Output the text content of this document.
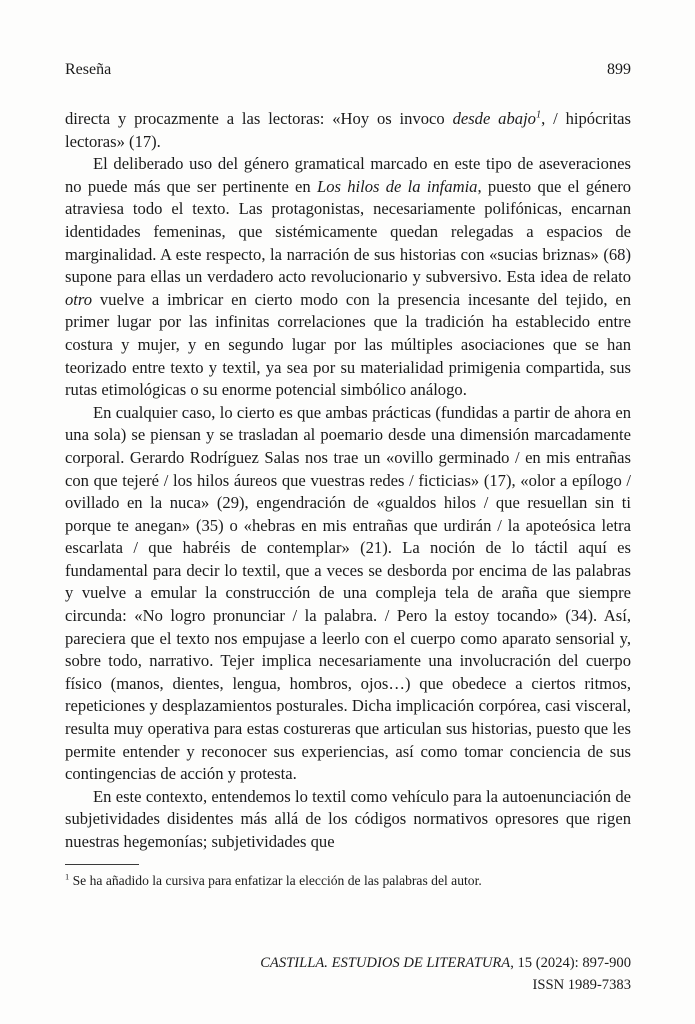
Reseña	899

directa y procazmente a las lectoras: «Hoy os invoco desde abajo$^1$, / hipócritas lectoras» (17).

El deliberado uso del género gramatical marcado en este tipo de aseveraciones no puede más que ser pertinente en Los hilos de la infamia, puesto que el género atraviesa todo el texto. Las protagonistas, necesariamente polifónicas, encarnan identidades femeninas, que sistémicamente quedan relegadas a espacios de marginalidad. A este respecto, la narración de sus historias con «sucias briznas» (68) supone para ellas un verdadero acto revolucionario y subversivo. Esta idea de relato otro vuelve a imbricar en cierto modo con la presencia incesante del tejido, en primer lugar por las infinitas correlaciones que la tradición ha establecido entre costura y mujer, y en segundo lugar por las múltiples asociaciones que se han teorizado entre texto y textil, ya sea por su materialidad primigenia compartida, sus rutas etimológicas o su enorme potencial simbólico análogo.

En cualquier caso, lo cierto es que ambas prácticas (fundidas a partir de ahora en una sola) se piensan y se trasladan al poemario desde una dimensión marcadamente corporal. Gerardo Rodríguez Salas nos trae un «ovillo germinado / en mis entrañas con que tejeré / los hilos áureos que vuestras redes / ficticias» (17), «olor a epílogo / ovillado en la nuca» (29), engendración de «gualdos hilos / que resuellan sin ti porque te anegan» (35) o «hebras en mis entrañas que urdirán / la apoteósica letra escarlata / que habréis de contemplar» (21). La noción de lo táctil aquí es fundamental para decir lo textil, que a veces se desborda por encima de las palabras y vuelve a emular la construcción de una compleja tela de araña que siempre circunda: «No logro pronunciar / la palabra. / Pero la estoy tocando» (34). Así, pareciera que el texto nos empujase a leerlo con el cuerpo como aparato sensorial y, sobre todo, narrativo. Tejer implica necesariamente una involucración del cuerpo físico (manos, dientes, lengua, hombros, ojos…) que obedece a ciertos ritmos, repeticiones y desplazamientos posturales. Dicha implicación corpórea, casi visceral, resulta muy operativa para estas costureras que articulan sus historias, puesto que les permite entender y reconocer sus experiencias, así como tomar conciencia de sus contingencias de acción y protesta.

En este contexto, entendemos lo textil como vehículo para la autoenunciación de subjetividades disidentes más allá de los códigos normativos opresores que rigen nuestras hegemonías; subjetividades que

$^1$ Se ha añadido la cursiva para enfatizar la elección de las palabras del autor.
CASTILLA. ESTUDIOS DE LITERATURA, 15 (2024): 897-900
ISSN 1989-7383
